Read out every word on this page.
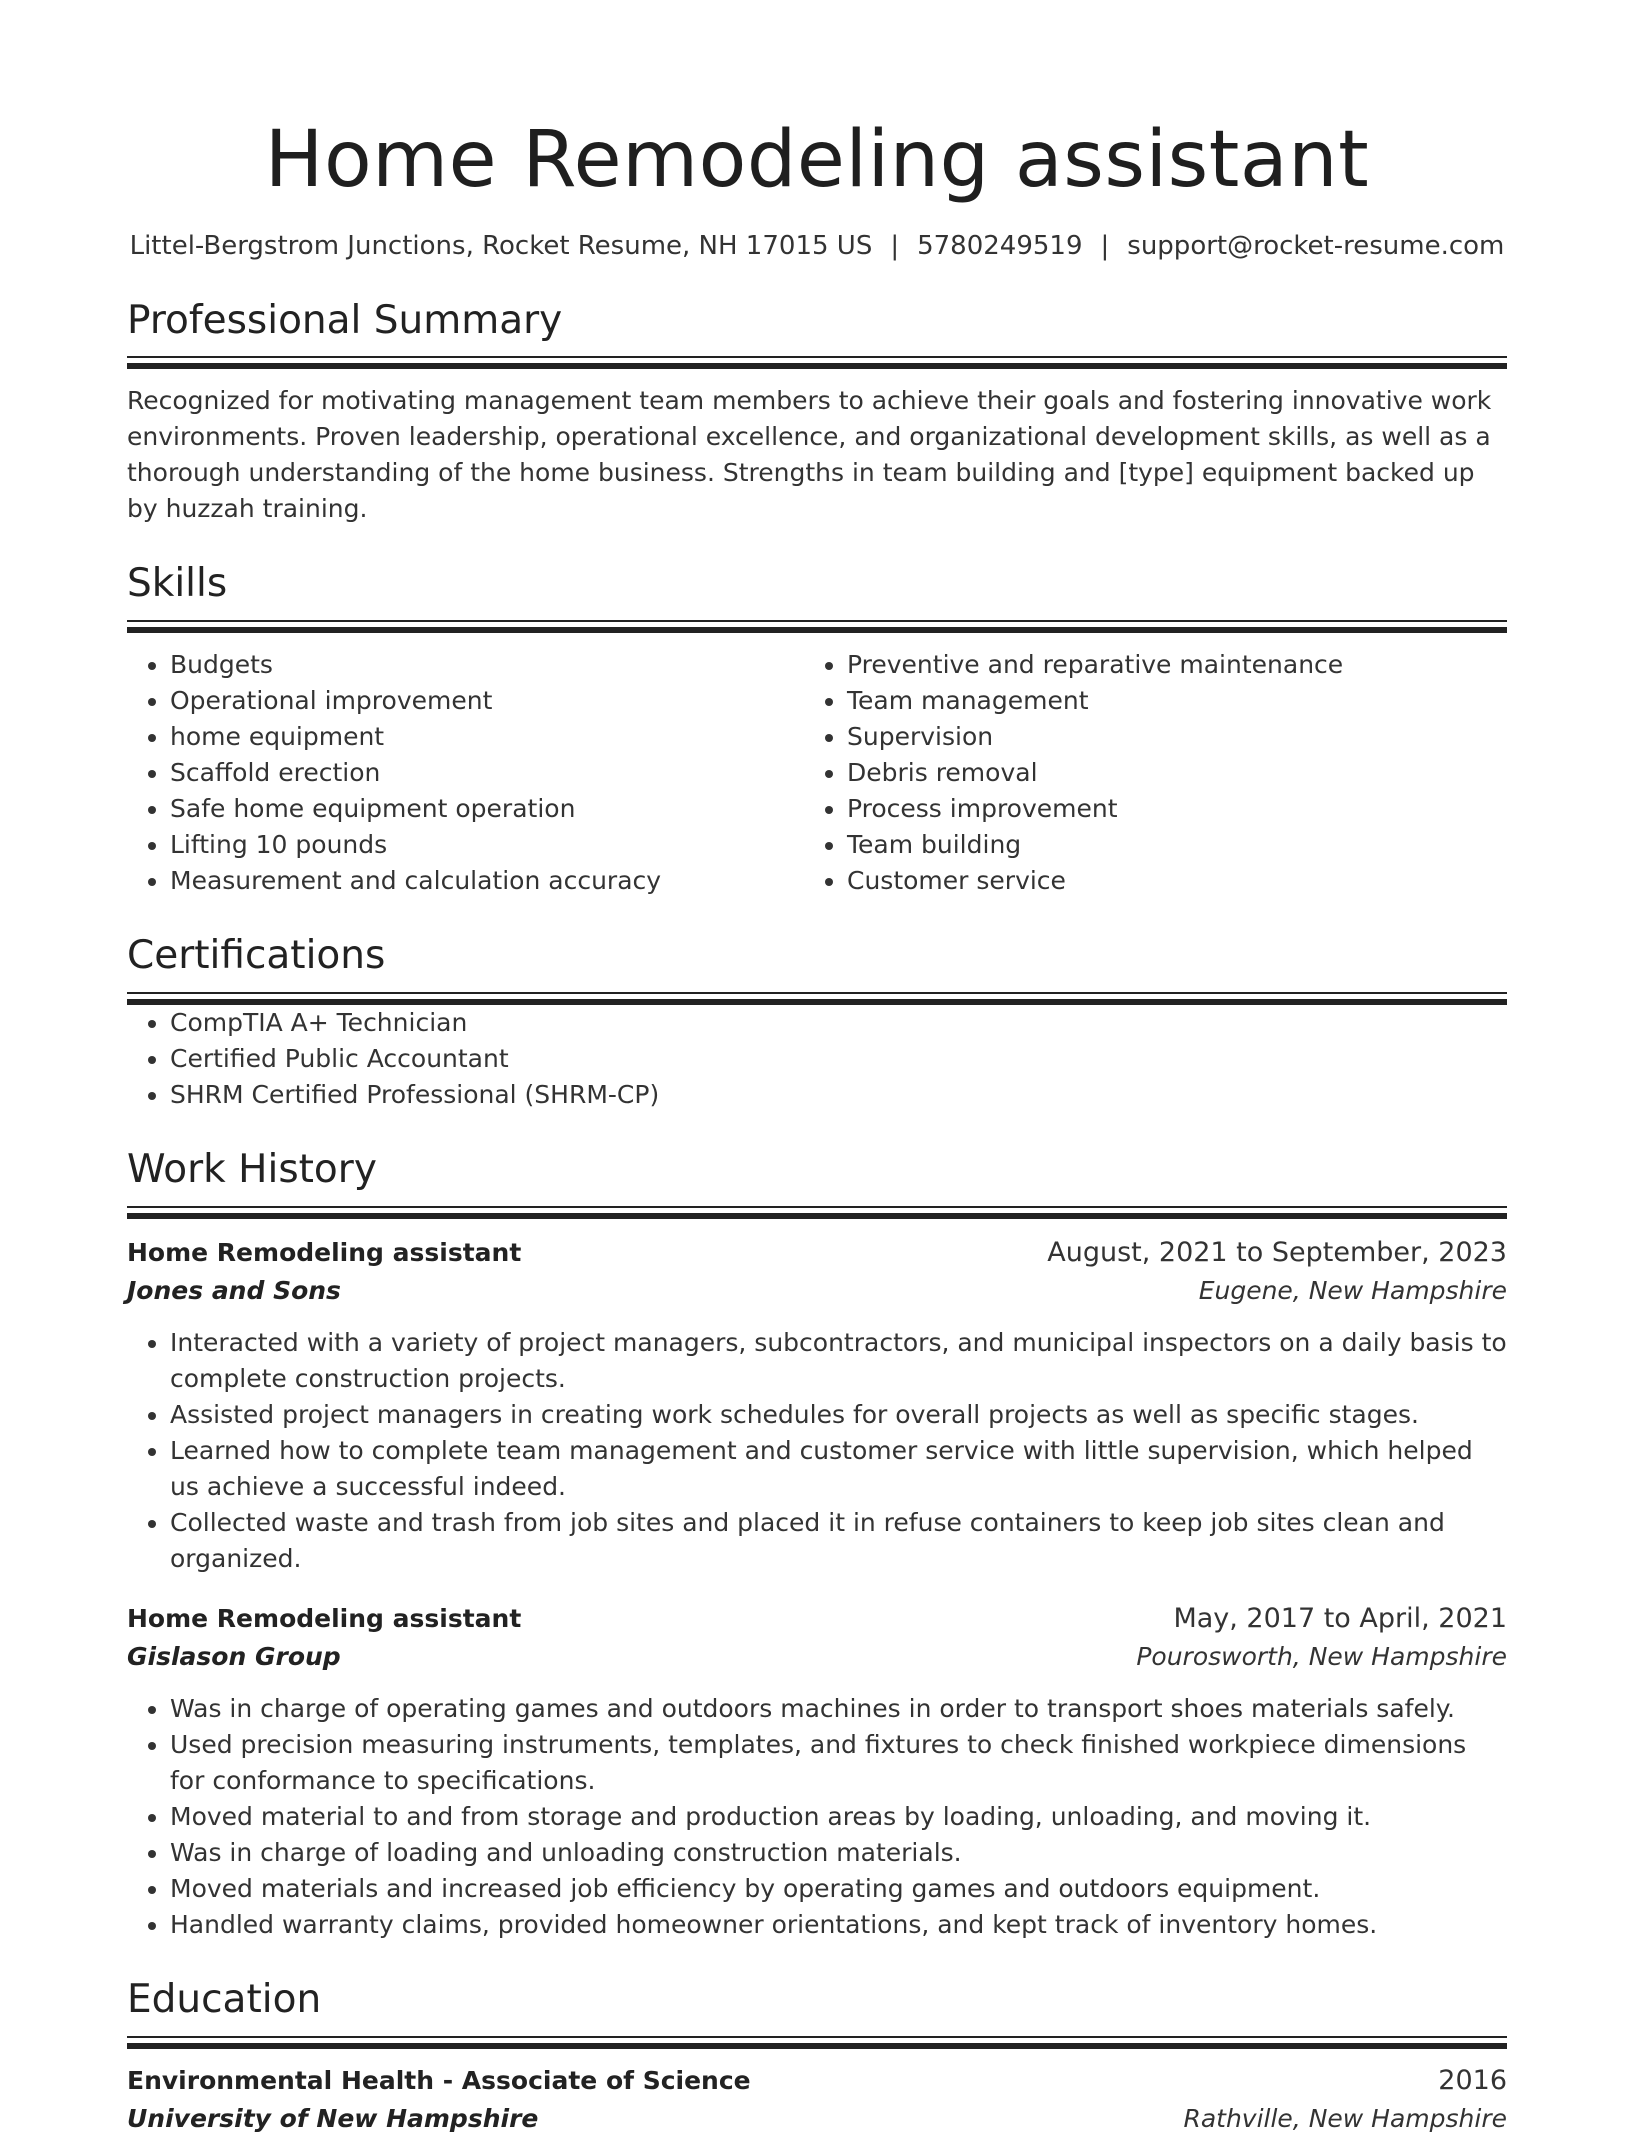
Home Remodeling assistant
Littel-Bergstrom Junctions, Rocket Resume, NH 17015 US | 5780249519 | support@rocket-resume.com
Professional Summary

Recognized for motivating management team members to achieve their goals and fostering innovative work environments. Proven leadership, operational excellence, and organizational development skills, as well as a thorough understanding of the home business. Strengths in team building and [type] equipment backed up by huzzah training.

Skills
• Budgets
• Operational improvement
• home equipment
• Scaffold erection
• Safe home equipment operation
• Lifting 10 pounds
• Measurement and calculation accuracy
• Preventive and reparative maintenance
• Team management
• Supervision
• Debris removal
• Process improvement
• Team building
• Customer service
Certifications
• CompTIA A+ Technician
• Certified Public Accountant
• SHRM Certified Professional (SHRM-CP)
Work History
Home Remodeling assistant	August, 2021 to September, 2023
Jones and Sons	Eugene, New Hampshire
• Interacted with a variety of project managers, subcontractors, and municipal inspectors on a daily basis to complete construction projects.
• Assisted project managers in creating work schedules for overall projects as well as specific stages.
• Learned how to complete team management and customer service with little supervision, which helped us achieve a successful indeed.
• Collected waste and trash from job sites and placed it in refuse containers to keep job sites clean and organized.
Home Remodeling assistant	May, 2017 to April, 2021
Gislason Group	Pourosworth, New Hampshire
• Was in charge of operating games and outdoors machines in order to transport shoes materials safely.
• Used precision measuring instruments, templates, and fixtures to check finished workpiece dimensions for conformance to specifications.
• Moved material to and from storage and production areas by loading, unloading, and moving it.
• Was in charge of loading and unloading construction materials.
• Moved materials and increased job efficiency by operating games and outdoors equipment.
• Handled warranty claims, provided homeowner orientations, and kept track of inventory homes.
Education
Environmental Health - Associate of Science	2016
University of New Hampshire	Rathville, New Hampshire
